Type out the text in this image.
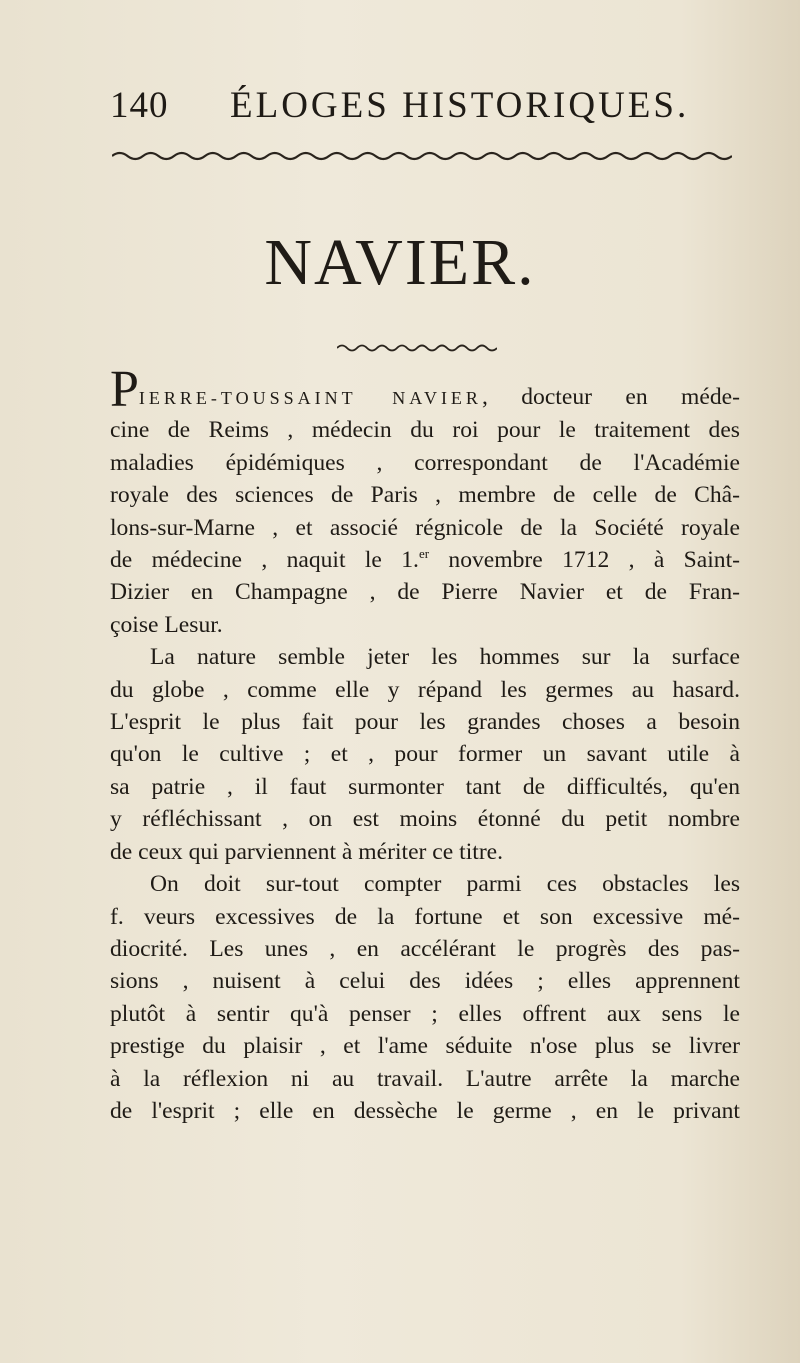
140 ÉLOGES HISTORIQUES.
NAVIER.
PIERRE-TOUSSAINT NAVIER, docteur en méde-
cine de Reims , médecin du roi pour le traitement des
maladies épidémiques , correspondant de l'Académie
royale des sciences de Paris , membre de celle de Châ-
lons-sur-Marne , et associé régnicole de la Société royale
de médecine , naquit le 1.$^{er}$ novembre 1712 , à Saint-
Dizier en Champagne , de Pierre Navier et de Fran-
çoise Lesur.
La nature semble jeter les hommes sur la surface
du globe , comme elle y répand les germes au hasard.
L'esprit le plus fait pour les grandes choses a besoin
qu'on le cultive ; et , pour former un savant utile à
sa patrie , il faut surmonter tant de difficultés, qu'en
y réfléchissant , on est moins étonné du petit nombre
de ceux qui parviennent à mériter ce titre.
On doit sur-tout compter parmi ces obstacles les
f. veurs excessives de la fortune et son excessive mé-
diocrité. Les unes , en accélérant le progrès des pas-
sions , nuisent à celui des idées ; elles apprennent
plutôt à sentir qu'à penser ; elles offrent aux sens le
prestige du plaisir , et l'ame séduite n'ose plus se livrer
à la réflexion ni au travail. L'autre arrête la marche
de l'esprit ; elle en dessèche le germe , en le privant
